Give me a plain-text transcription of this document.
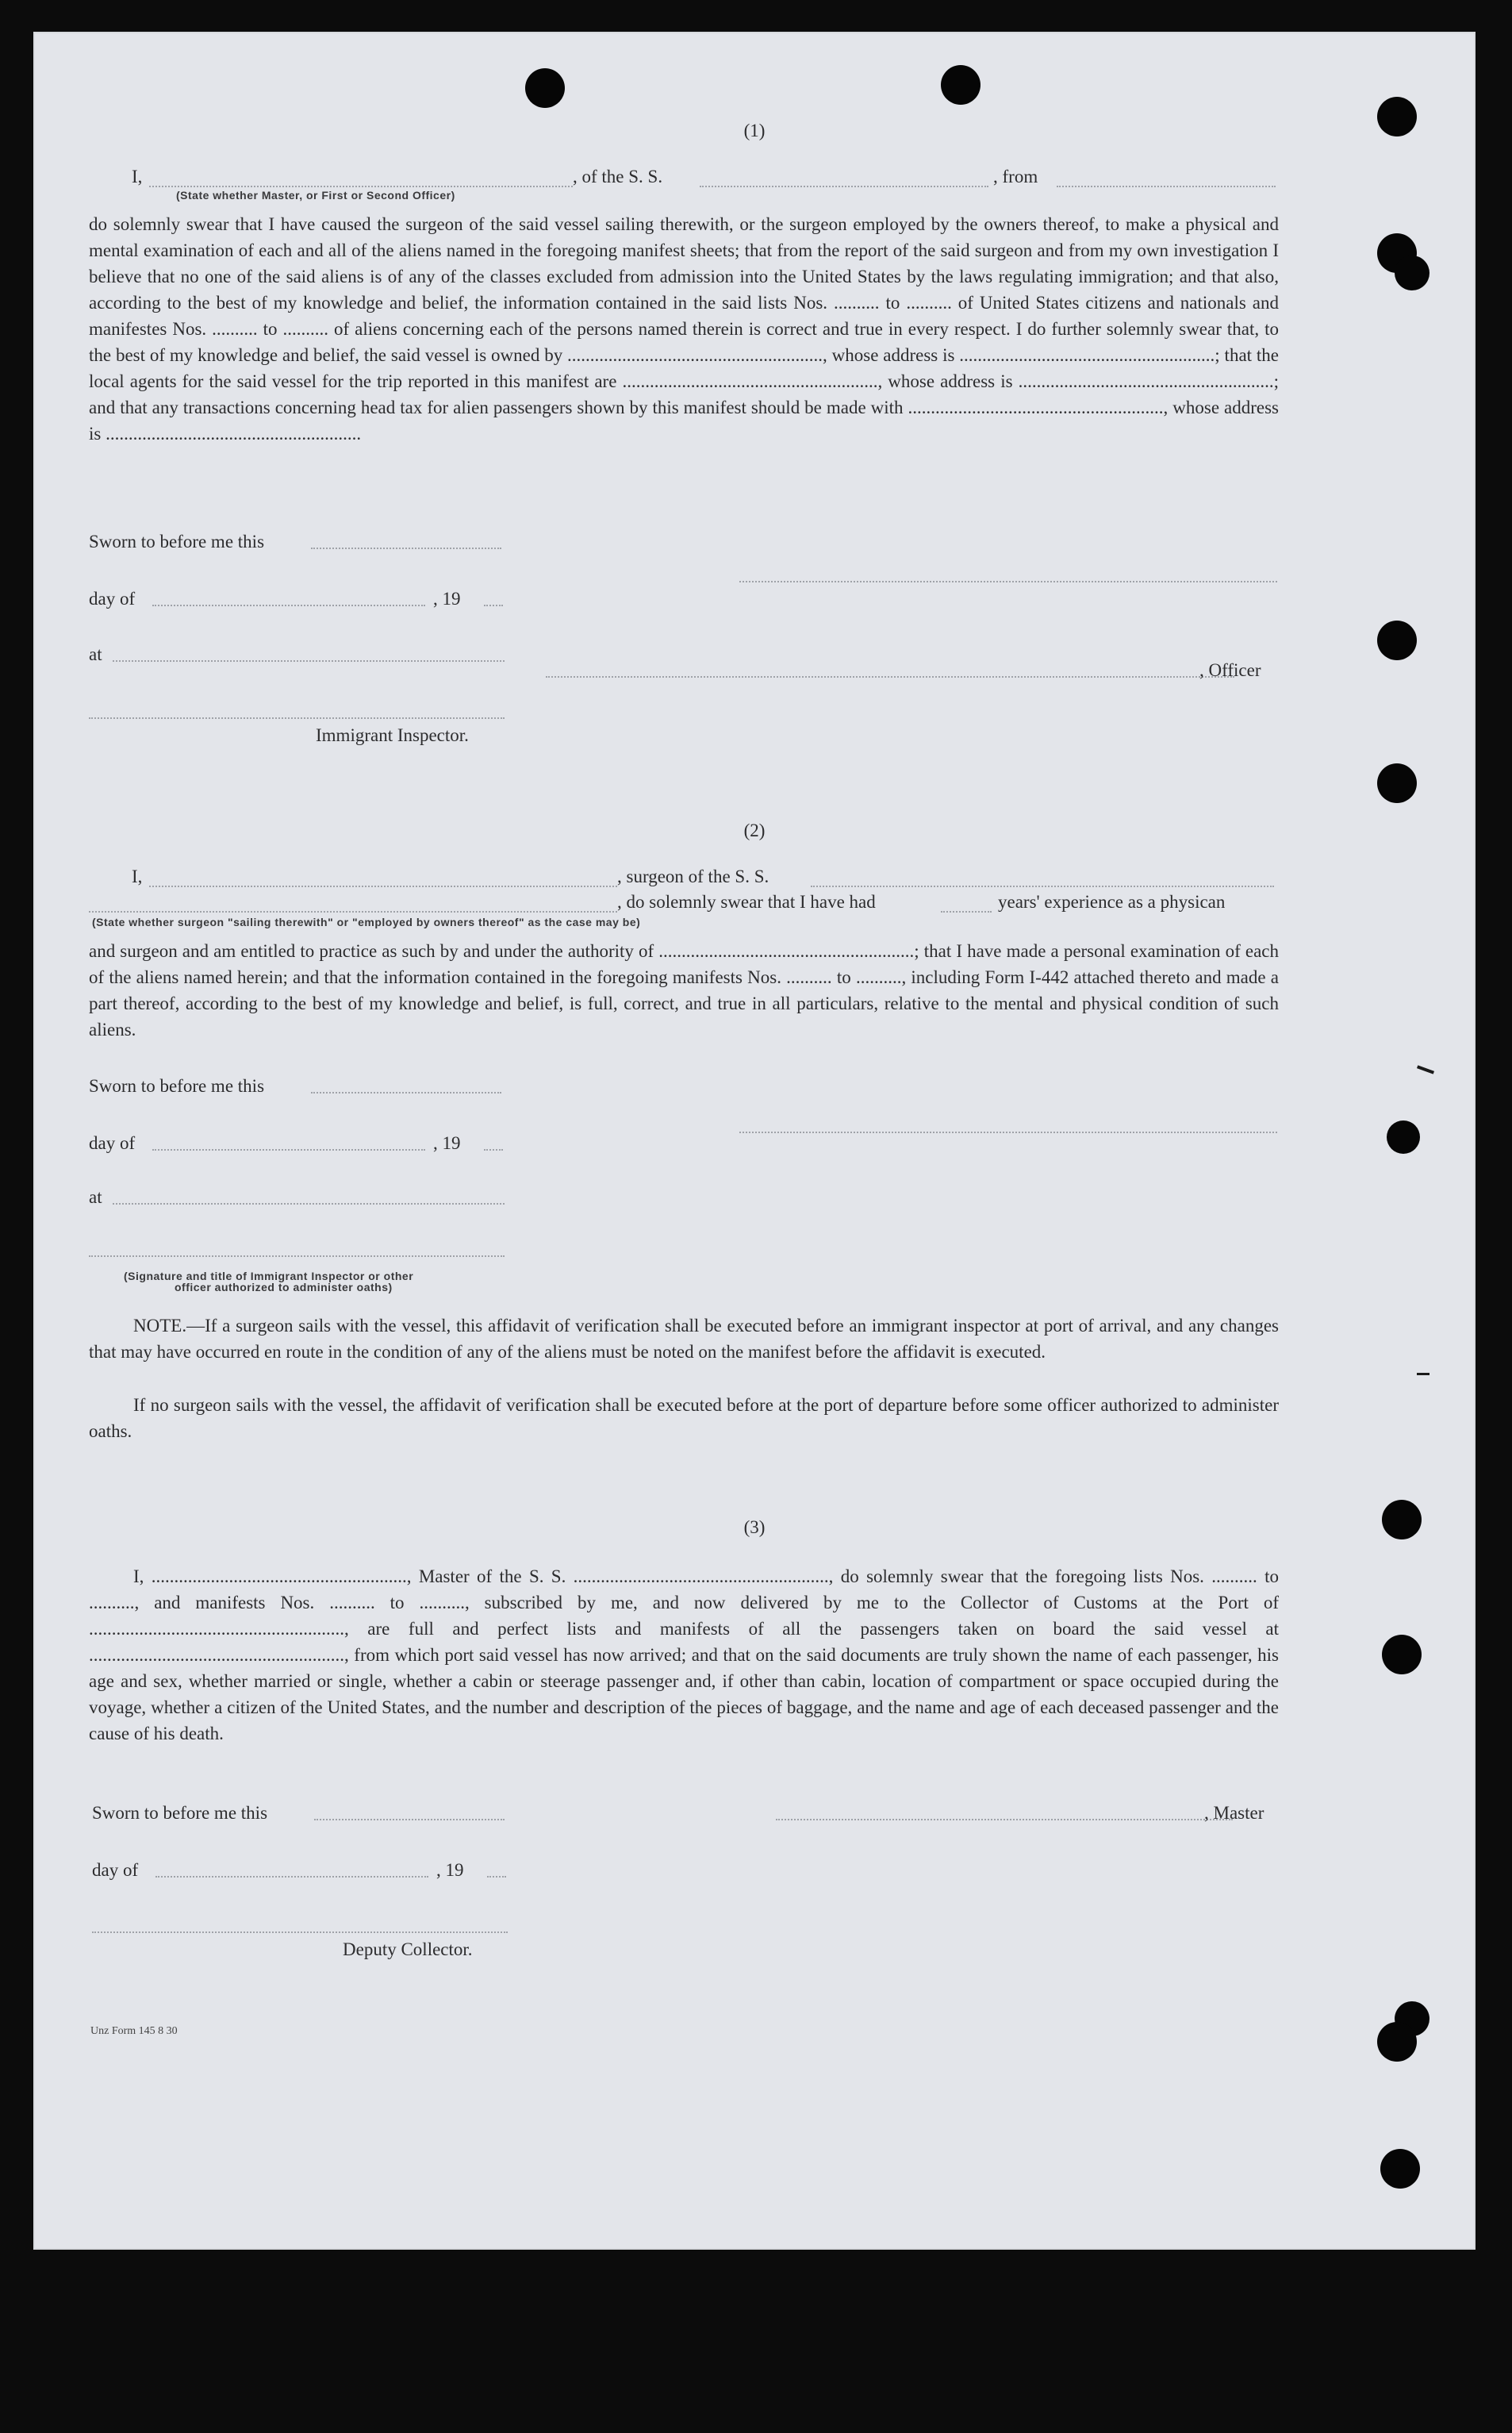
(1)
I,	, of the S. S.	, from
(State whether Master, or First or Second Officer)

do solemnly swear that I have caused the surgeon of the said vessel sailing therewith, or the surgeon employed by the owners thereof, to make a physical and mental examination of each and all of the aliens named in the foregoing manifest sheets; that from the report of the said surgeon and from my own investigation I believe that no one of the said aliens is of any of the classes excluded from admission into the United States by the laws regulating immigration; and that also, according to the best of my knowledge and belief, the information contained in the said lists Nos. .......... to .......... of United States citizens and nationals and manifestes Nos. .......... to .......... of aliens concerning each of the persons named therein is correct and true in every respect. I do further solemnly swear that, to the best of my knowledge and belief, the said vessel is owned by ........................................................, whose address is ........................................................; that the local agents for the said vessel for the trip reported in this manifest are ........................................................, whose address is ........................................................; and that any transactions concerning head tax for alien passengers shown by this manifest should be made with ........................................................, whose address is ........................................................

Sworn to before me this
day of	, 19
at
, Officer
Immigrant Inspector.
(2)
I,	, surgeon of the S. S.
, do solemnly swear that I have had	years' experience as a physican
(State whether surgeon "sailing therewith" or "employed by owners thereof" as the case may be)

and surgeon and am entitled to practice as such by and under the authority of ........................................................; that I have made a personal examination of each of the aliens named herein; and that the information contained in the foregoing manifests Nos. .......... to .........., including Form I-442 attached thereto and made a part thereof, according to the best of my knowledge and belief, is full, correct, and true in all particulars, relative to the mental and physical condition of such aliens.

Sworn to before me this
day of	, 19
at
(Signature and title of Immigrant Inspector or other
officer authorized to administer oaths)

NOTE.—If a surgeon sails with the vessel, this affidavit of verification shall be executed before an immigrant inspector at port of arrival, and any changes that may have occurred en route in the condition of any of the aliens must be noted on the manifest before the affidavit is executed.

If no surgeon sails with the vessel, the affidavit of verification shall be executed before at the port of departure before some officer authorized to administer oaths.

(3)

I, ........................................................, Master of the S. S. ........................................................, do solemnly swear that the foregoing lists Nos. .......... to .........., and manifests Nos. .......... to .........., subscribed by me, and now delivered by me to the Collector of Customs at the Port of ........................................................, are full and perfect lists and manifests of all the passengers taken on board the said vessel at ........................................................, from which port said vessel has now arrived; and that on the said documents are truly shown the name of each passenger, his age and sex, whether married or single, whether a cabin or steerage passenger and, if other than cabin, location of compartment or space occupied during the voyage, whether a citizen of the United States, and the number and description of the pieces of baggage, and the name and age of each deceased passenger and the cause of his death.

Sworn to before me this	, Master
day of	, 19
Deputy Collector.
Unz Form 145 8 30
